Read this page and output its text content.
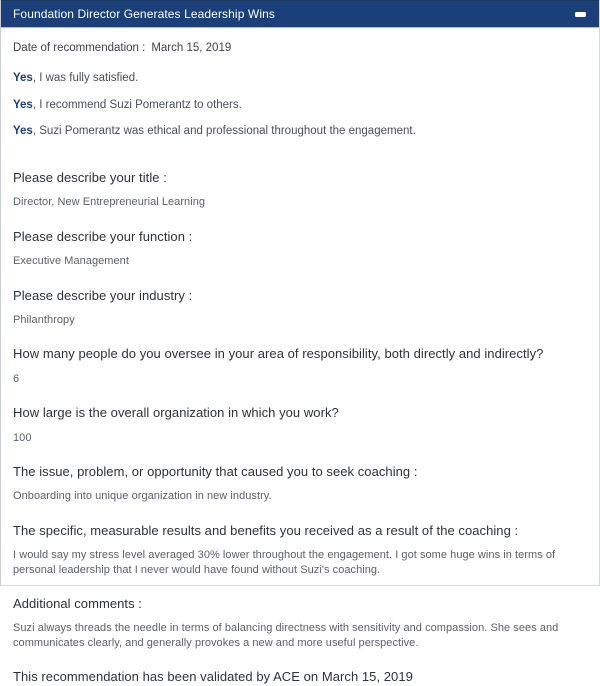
Foundation Director Generates Leadership Wins
Date of recommendation : March 15, 2019
Yes, I was fully satisfied.
Yes, I recommend Suzi Pomerantz to others.
Yes, Suzi Pomerantz was ethical and professional throughout the engagement.

Please describe your title :

Director, New Entrepreneurial Learning

Please describe your function :

Executive Management

Please describe your industry :

Philanthropy

How many people do you oversee in your area of responsibility, both directly and indirectly?

6

How large is the overall organization in which you work?

100

The issue, problem, or opportunity that caused you to seek coaching :

Onboarding into unique organization in new industry.

The specific, measurable results and benefits you received as a result of the coaching :

I would say my stress level averaged 30% lower throughout the engagement. I got some huge wins in terms of personal leadership that I never would have found without Suzi's coaching.

Additional comments :

Suzi always threads the needle in terms of balancing directness with sensitivity and compassion. She sees and communicates clearly, and generally provokes a new and more useful perspective.

This recommendation has been validated by ACE on March 15, 2019
